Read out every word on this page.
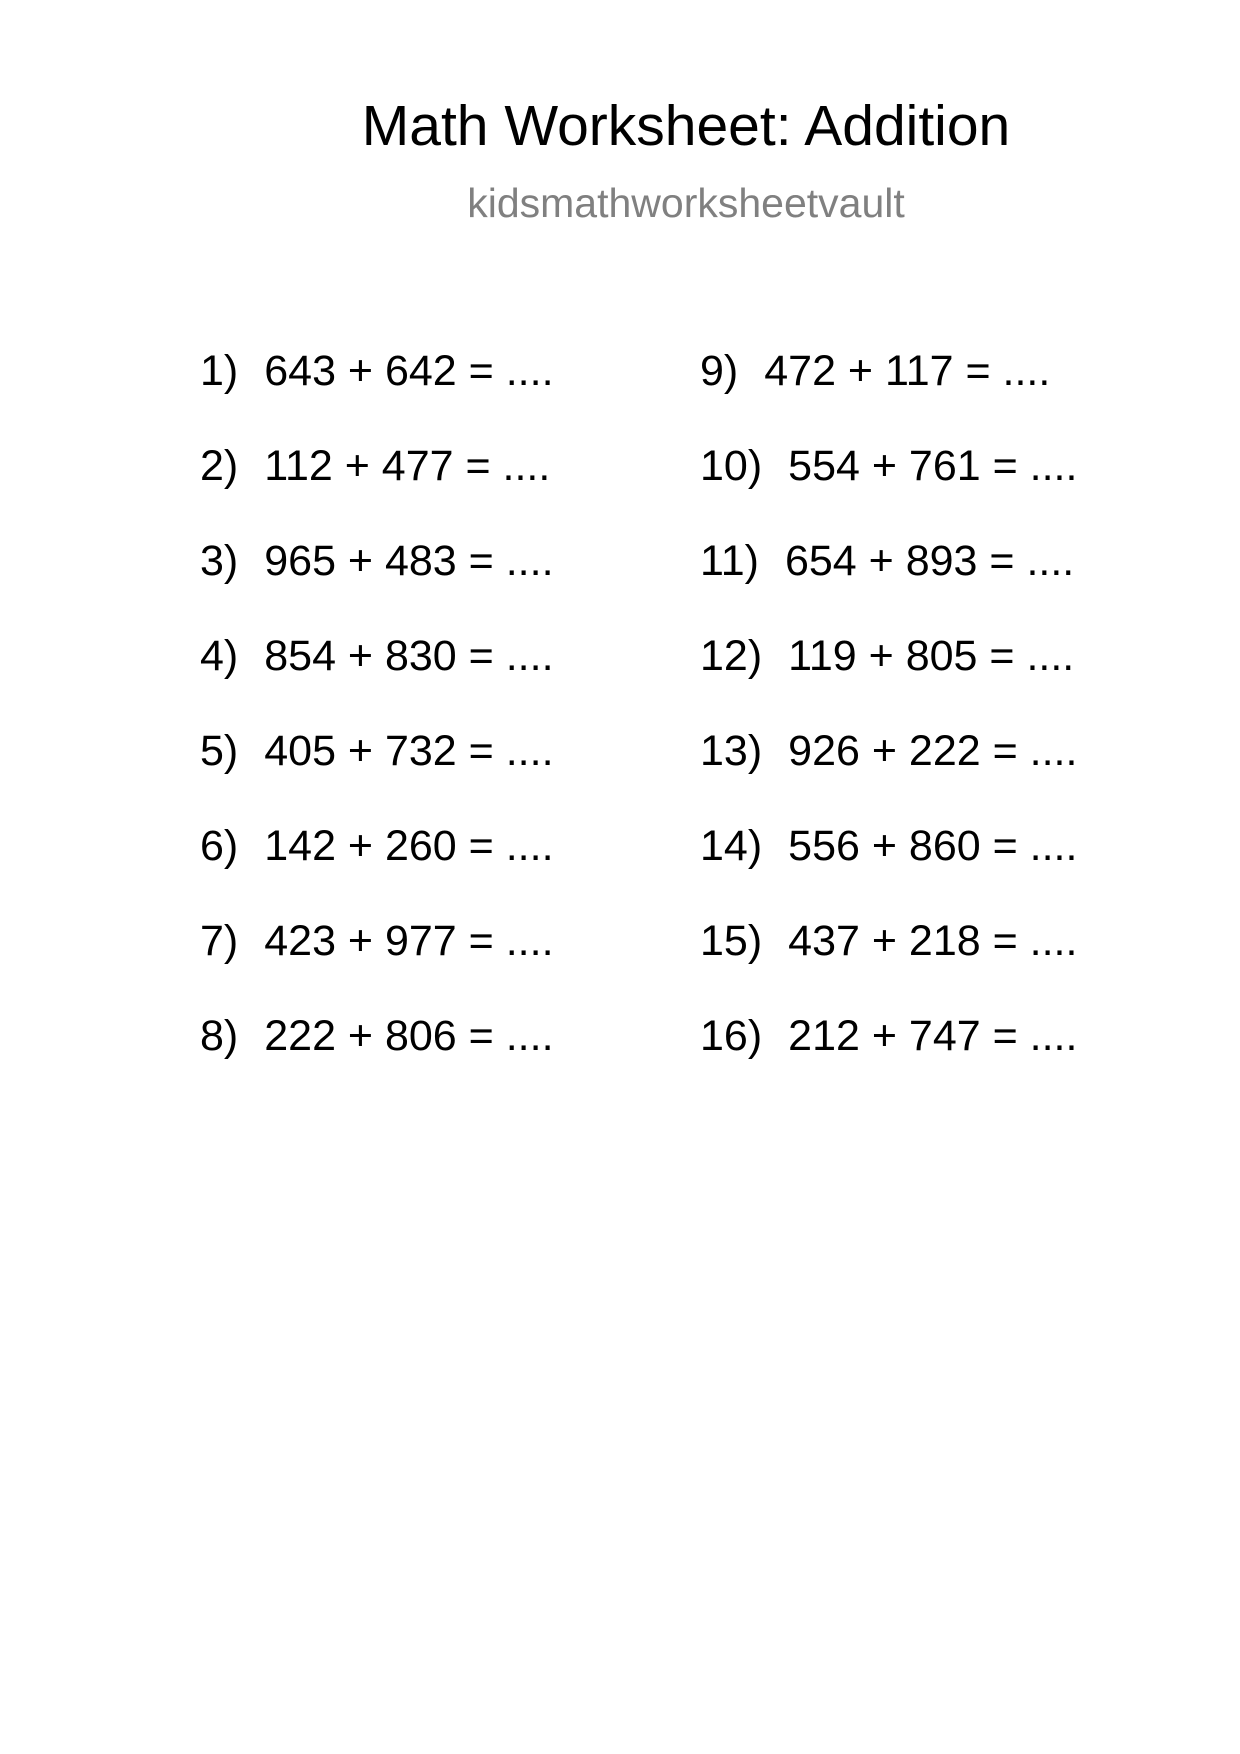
Math Worksheet: Addition
kidsmathworksheetvault
1) 643 + 642 = ....
2) 112 + 477 = ....
3) 965 + 483 = ....
4) 854 + 830 = ....
5) 405 + 732 = ....
6) 142 + 260 = ....
7) 423 + 977 = ....
8) 222 + 806 = ....
9) 472 + 117 = ....
10) 554 + 761 = ....
11) 654 + 893 = ....
12) 119 + 805 = ....
13) 926 + 222 = ....
14) 556 + 860 = ....
15) 437 + 218 = ....
16) 212 + 747 = ....
